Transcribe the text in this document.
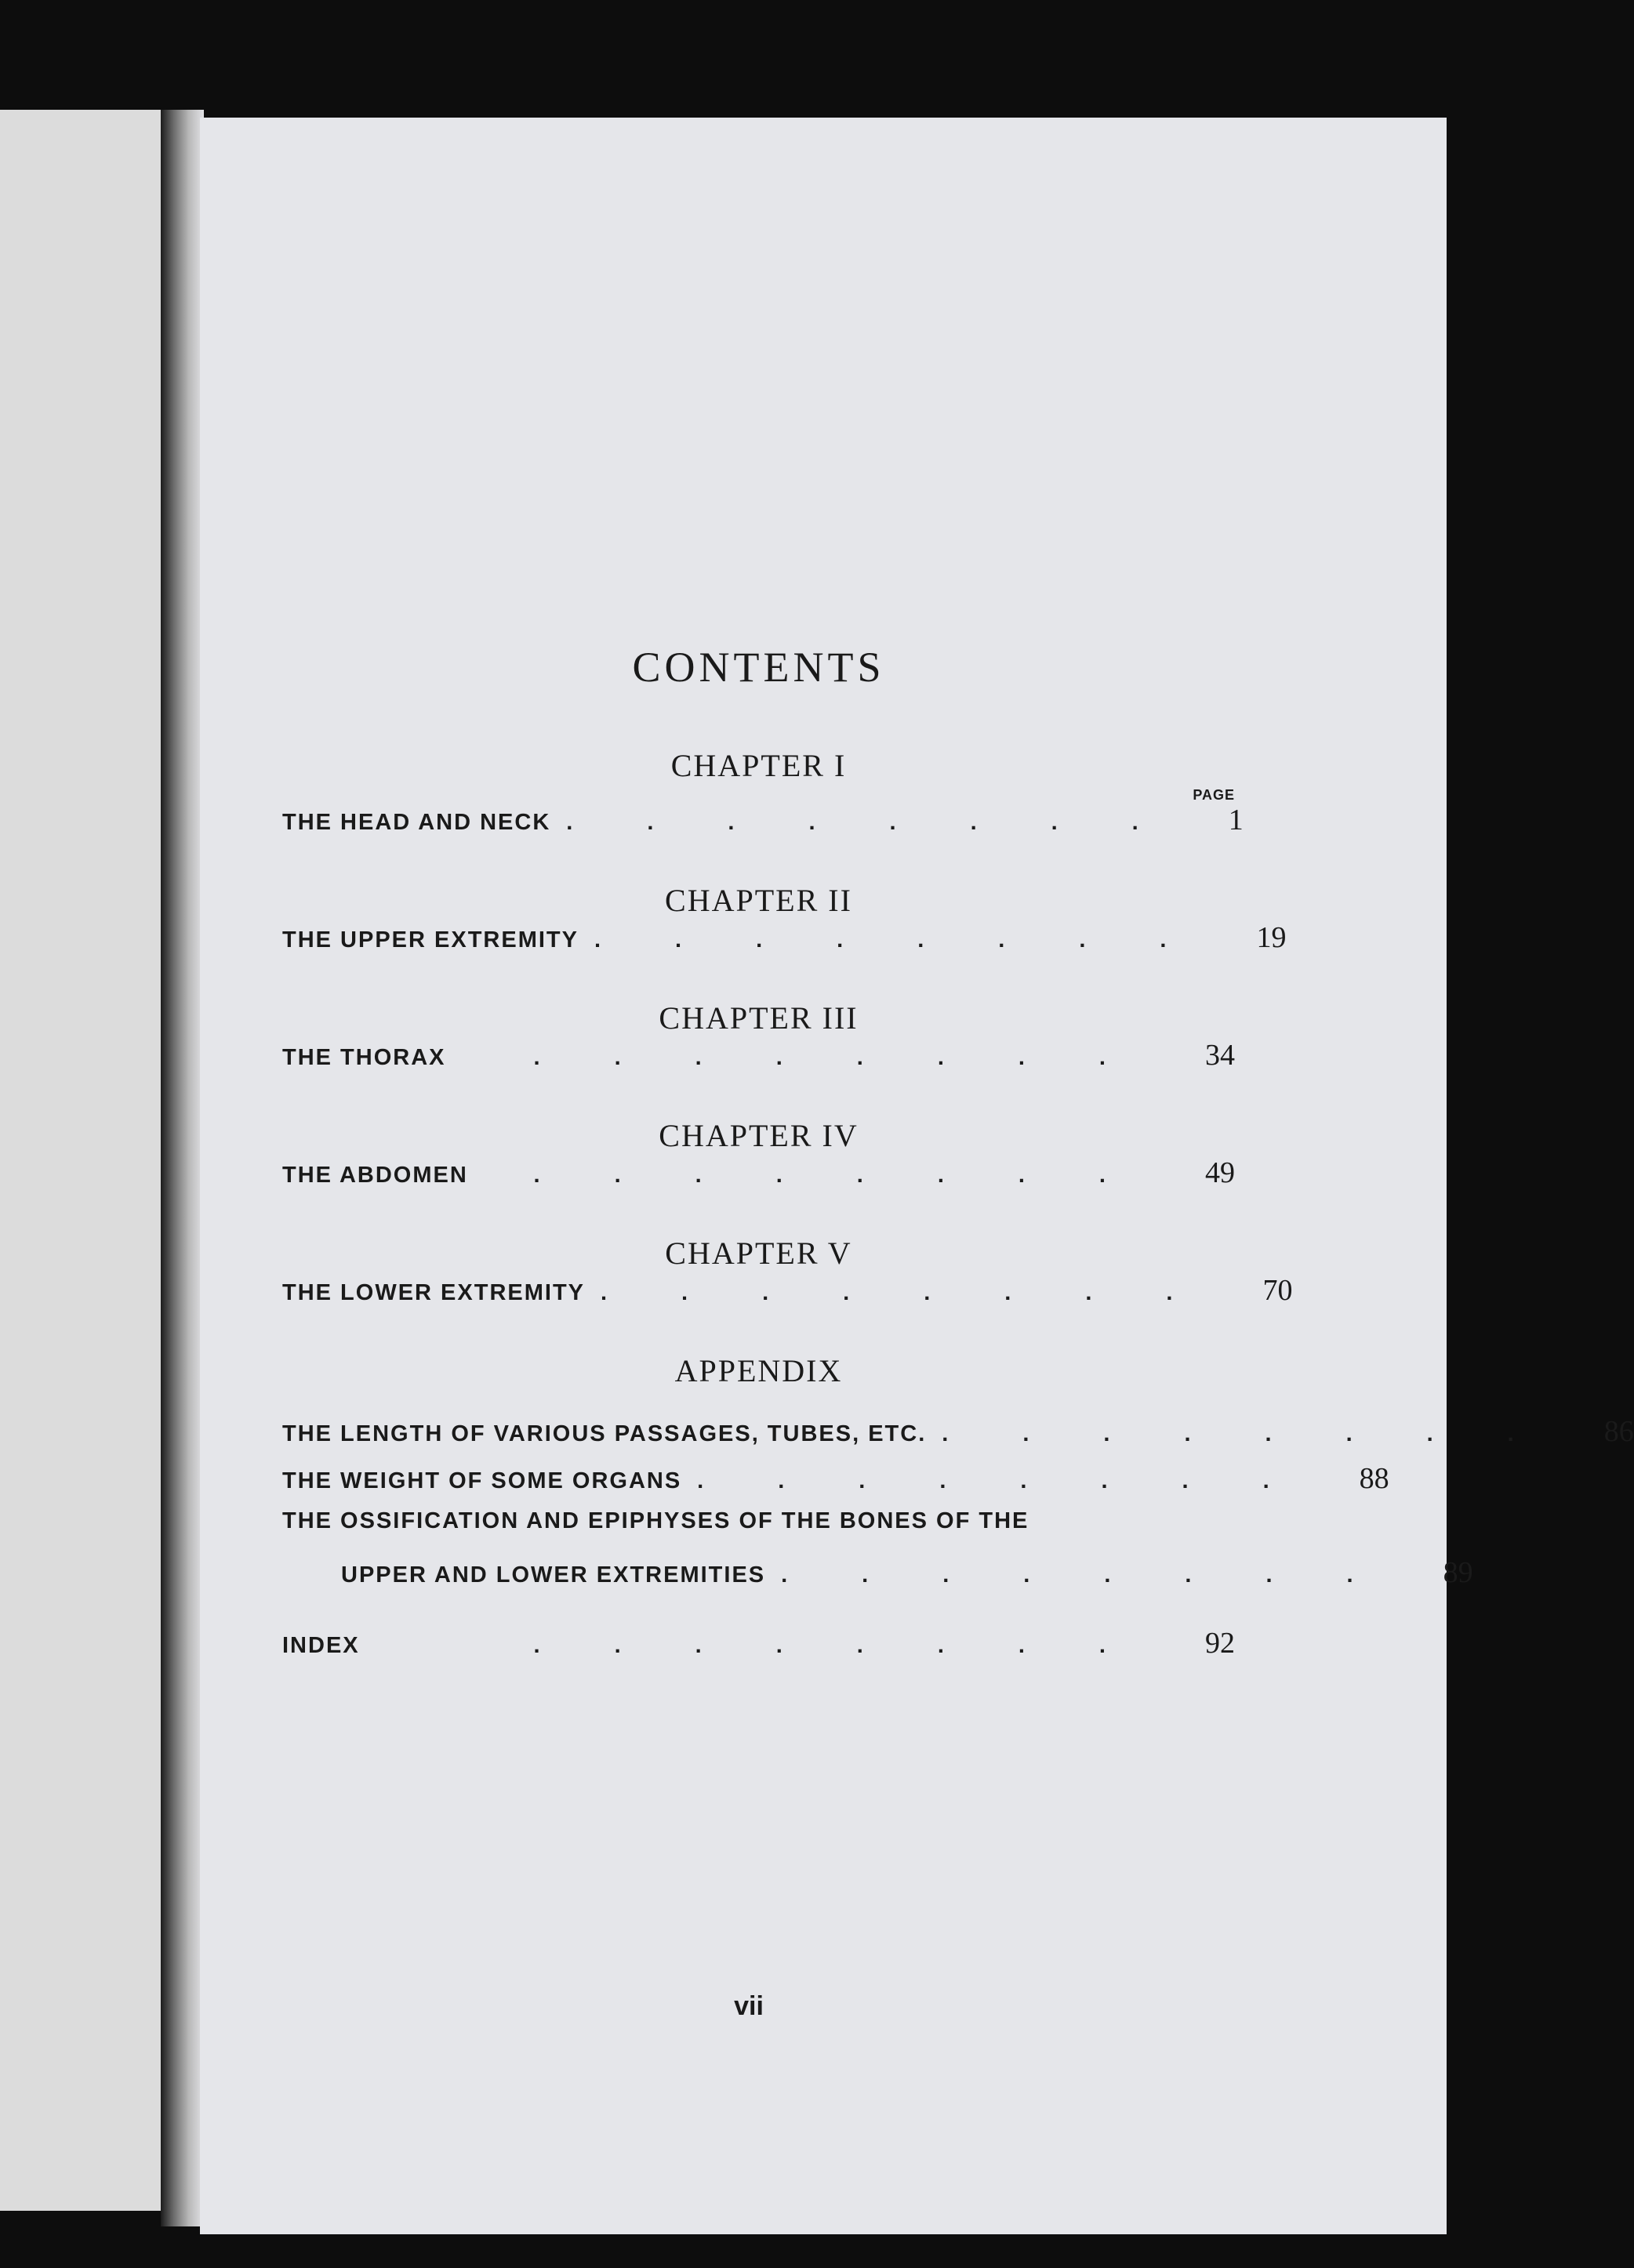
CONTENTS
CHAPTER I
PAGE
THE HEAD AND NECK ........ 1
CHAPTER II
THE UPPER EXTREMITY ........ 19
CHAPTER III
THE THORAX	........ 34
CHAPTER IV
THE ABDOMEN	........ 49
CHAPTER V
THE LOWER EXTREMITY ........ 70
APPENDIX
THE LENGTH OF VARIOUS PASSAGES, TUBES, ETC. ........ 86
THE WEIGHT OF SOME ORGANS ........ 88
THE OSSIFICATION AND EPIPHYSES OF THE BONES OF THE
UPPER AND LOWER EXTREMITIES ........ 89
INDEX	........ 92
vii
